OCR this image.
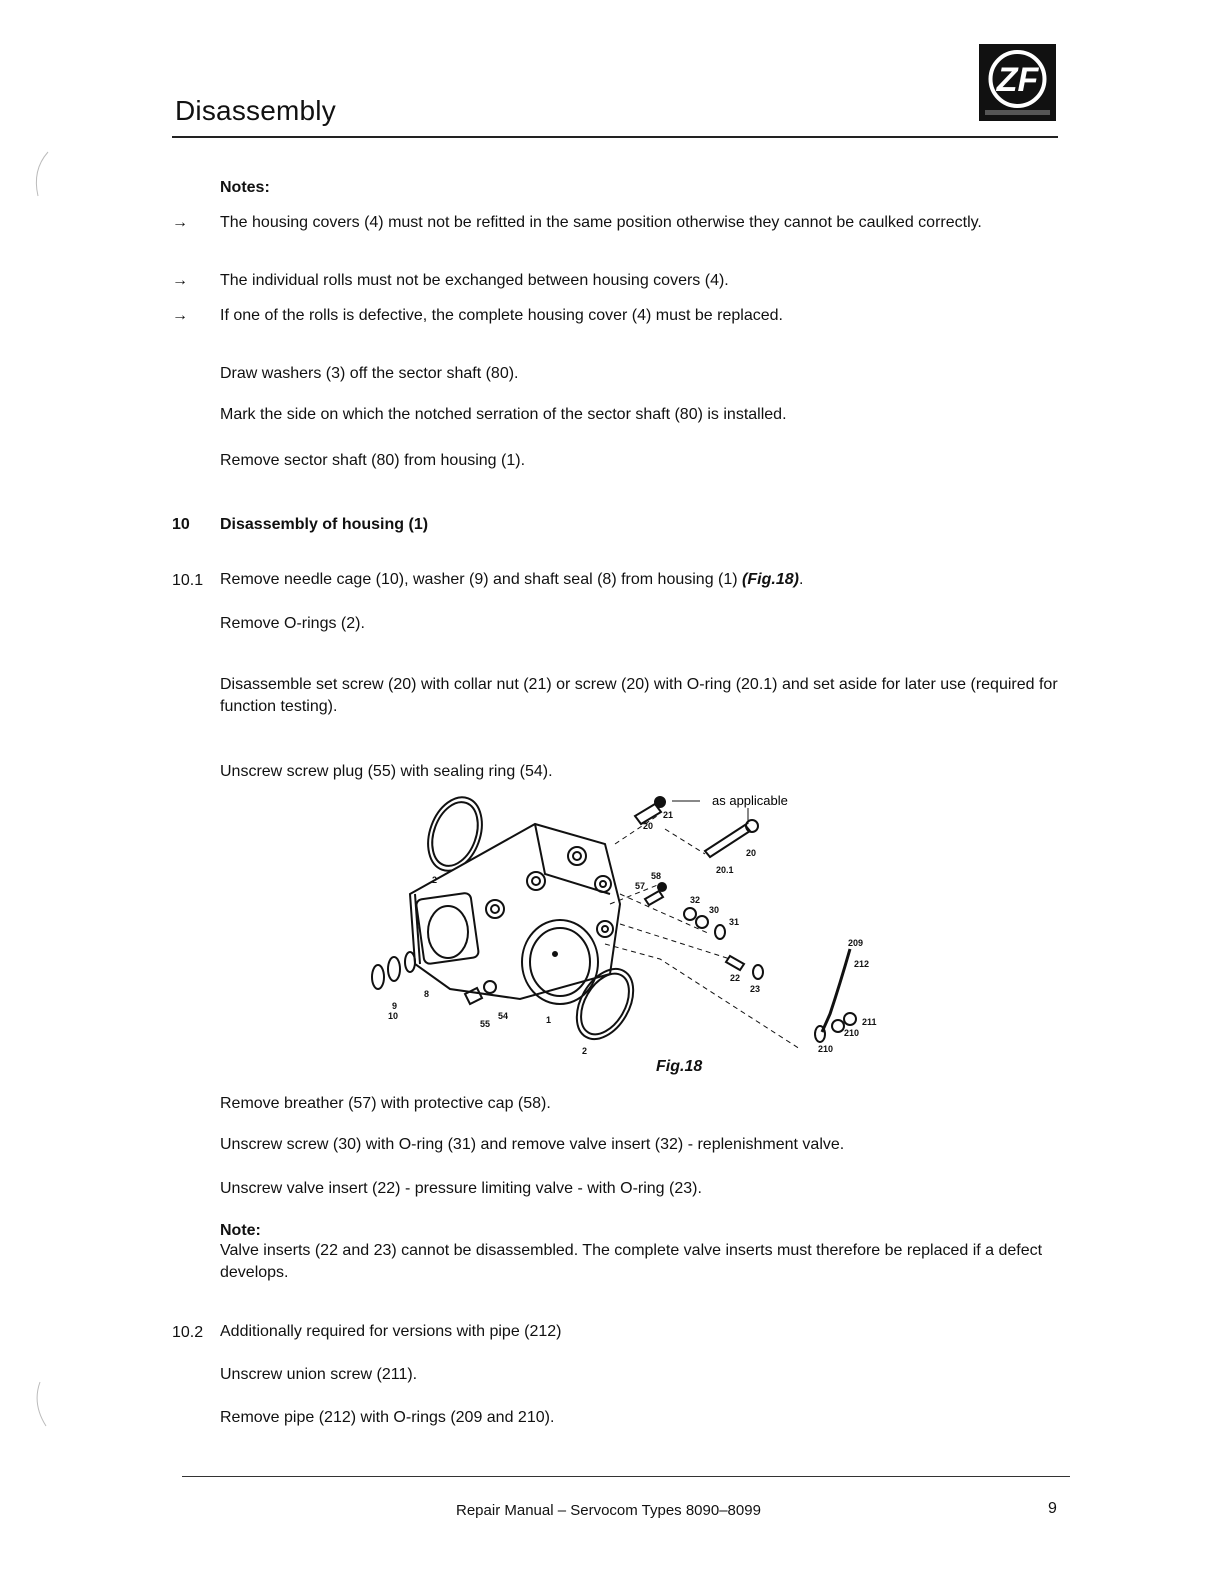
Disassembly
ZF
Notes:
→ The housing covers (4) must not be refitted in the same position otherwise they cannot be caulked correctly.
→ The individual rolls must not be exchanged between housing covers (4).
→ If one of the rolls is defective, the complete housing cover (4) must be replaced.
Draw washers (3) off the sector shaft (80).
Mark the side on which the notched serration of the sector shaft (80) is installed.
Remove sector shaft (80) from housing (1).
10 Disassembly of housing (1)
10.1 Remove needle cage (10), washer (9) and shaft seal (8) from housing (1) (Fig.18).
Remove O-rings (2).
Disassemble set screw (20) with collar nut (21) or screw (20) with O-ring (20.1) and set aside for later use (required for function testing).
Unscrew screw plug (55) with sealing ring (54).
as applicable
21
20
20
20.1
2	58
57
32
30
31
209
212
22
23
8
9
10
55
54	1
2
211
210
210
Fig.18
Remove breather (57) with protective cap (58).
Unscrew screw (30) with O-ring (31) and remove valve insert (32) - replenishment valve.
Unscrew valve insert (22) - pressure limiting valve - with O-ring (23).
Note:
Valve inserts (22 and 23) cannot be disassembled. The complete valve inserts must therefore be replaced if a defect develops.
10.2 Additionally required for versions with pipe (212)
Unscrew union screw (211).
Remove pipe (212) with O-rings (209 and 210).
Repair Manual – Servocom Types 8090–8099	9
